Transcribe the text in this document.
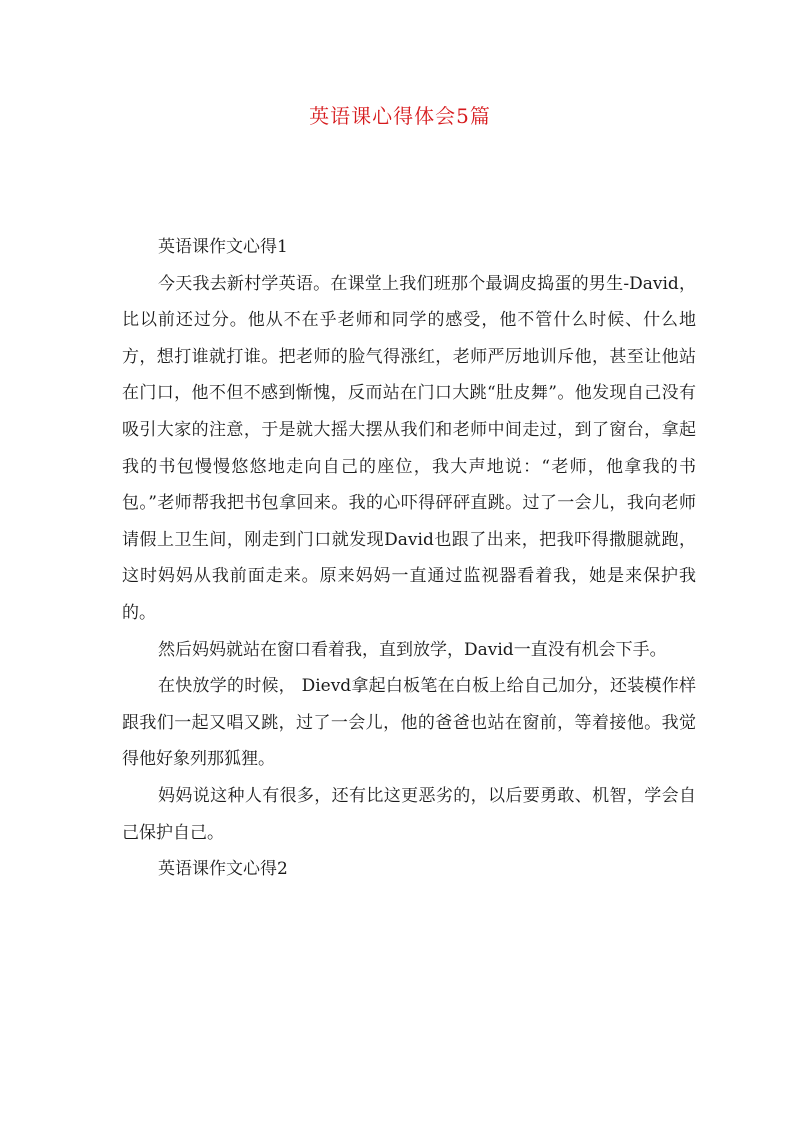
英语课心得体会5篇

英语课作文心得1

今天我去新村学英语。在课堂上我们班那个最调皮捣蛋的男生-David，比以前还过分。他从不在乎老师和同学的感受，他不管什么时候、什么地方，想打谁就打谁。把老师的脸气得涨红，老师严厉地训斥他，甚至让他站在门口，他不但不感到惭愧，反而站在门口大跳“肚皮舞”。他发现自己没有吸引大家的注意，于是就大摇大摆从我们和老师中间走过，到了窗台，拿起我的书包慢慢悠悠地走向自己的座位，我大声地说：“老师，他拿我的书包。”老师帮我把书包拿回来。我的心吓得砰砰直跳。过了一会儿，我向老师请假上卫生间，刚走到门口就发现David也跟了出来，把我吓得撒腿就跑，这时妈妈从我前面走来。原来妈妈一直通过监视器看着我，她是来保护我的。

然后妈妈就站在窗口看着我，直到放学，David一直没有机会下手。

在快放学的时候， Dievd拿起白板笔在白板上给自己加分，还装模作样跟我们一起又唱又跳，过了一会儿，他的爸爸也站在窗前，等着接他。我觉得他好象列那狐狸。

妈妈说这种人有很多，还有比这更恶劣的，以后要勇敢、机智，学会自己保护自己。

英语课作文心得2
